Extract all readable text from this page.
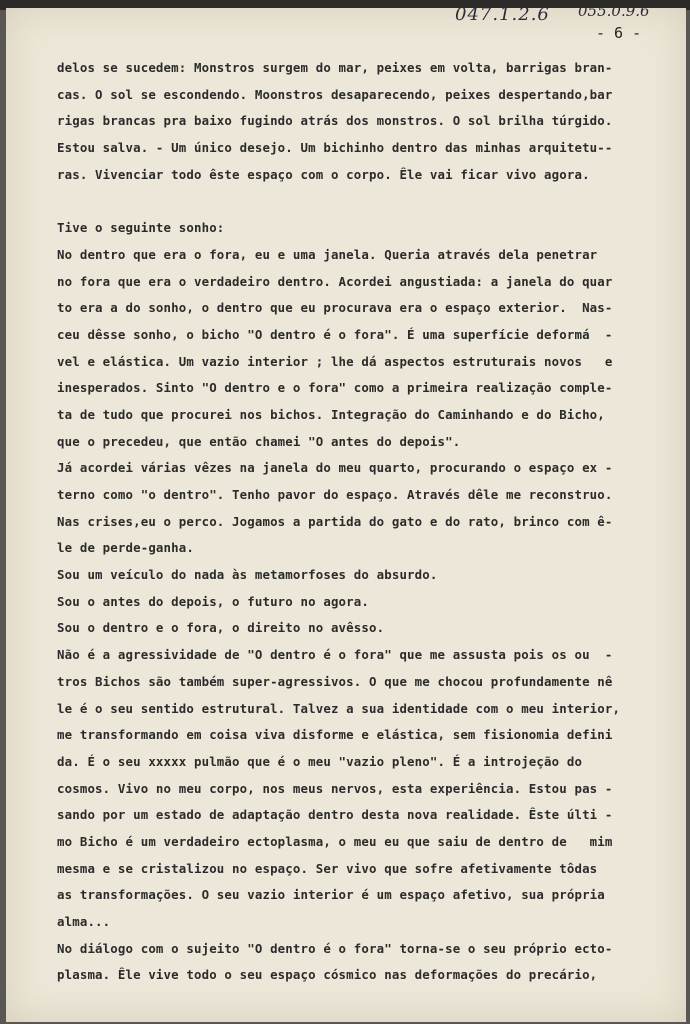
047.1.2.6 055.0.9.6
- 6 -
delos se sucedem: Monstros surgem do mar, peixes em volta, barrigas bran-
cas. O sol se escondendo. Moonstros desaparecendo, peixes despertando,bar
rigas brancas pra baixo fugindo atrás dos monstros. O sol brilha túrgido.
Estou salva. - Um único desejo. Um bichinho dentro das minhas arquitetu--
ras. Vivenciar todo êste espaço com o corpo. Êle vai ficar vivo agora.
Tive o seguinte sonho:
No dentro que era o fora, eu e uma janela. Queria através dela penetrar
no fora que era o verdadeiro dentro. Acordei angustiada: a janela do quar
to era a do sonho, o dentro que eu procurava era o espaço exterior.  Nas-
ceu dêsse sonho, o bicho "O dentro é o fora". É uma superfície deformá  -
vel e elástica. Um vazio interior ; lhe dá aspectos estruturais novos   e
inesperados. Sinto "O dentro e o fora" como a primeira realização comple-
ta de tudo que procurei nos bichos. Integração do Caminhando e do Bicho,
que o precedeu, que então chamei "O antes do depois".
Já acordei várias vêzes na janela do meu quarto, procurando o espaço ex -
terno como "o dentro". Tenho pavor do espaço. Através dêle me reconstruo.
Nas crises,eu o perco. Jogamos a partida do gato e do rato, brinco com ê-
le de perde-ganha.
Sou um veículo do nada às metamorfoses do absurdo.
Sou o antes do depois, o futuro no agora.
Sou o dentro e o fora, o direito no avêsso.
Não é a agressividade de "O dentro é o fora" que me assusta pois os ou  -
tros Bichos são também super-agressivos. O que me chocou profundamente nê
le é o seu sentido estrutural. Talvez a sua identidade com o meu interior,
me transformando em coisa viva disforme e elástica, sem fisionomia defini
da. É o seu xxxxx pulmão que é o meu "vazio pleno". É a introjeção do
cosmos. Vivo no meu corpo, nos meus nervos, esta experiência. Estou pas -
sando por um estado de adaptação dentro desta nova realidade. Êste últi -
mo Bicho é um verdadeiro ectoplasma, o meu eu que saiu de dentro de   mim
mesma e se cristalizou no espaço. Ser vivo que sofre afetivamente tôdas
as transformações. O seu vazio interior é um espaço afetivo, sua própria
alma...
No diálogo com o sujeito "O dentro é o fora" torna-se o seu próprio ecto-
plasma. Êle vive todo o seu espaço cósmico nas deformações do precário,
